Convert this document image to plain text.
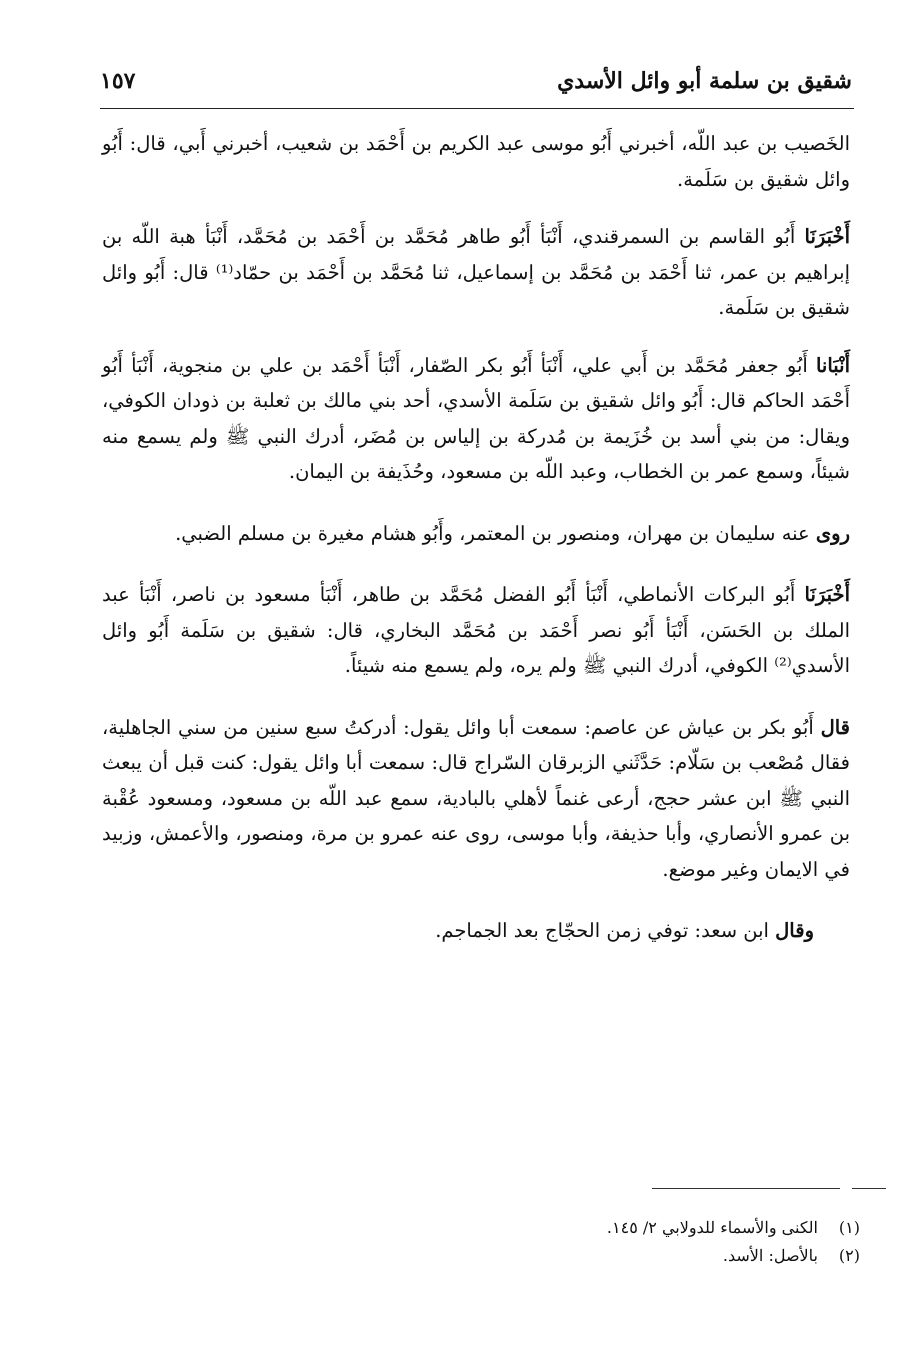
شقيق بن سلمة أبو وائل الأسدي
١٥٧

الخَصيب بن عبد اللّه، أخبرني أَبُو موسى عبد الكريم بن أَحْمَد بن شعيب، أخبرني أَبي، قال: أَبُو وائل شقيق بن سَلَمة.

أَخْبَرَنَا أَبُو القاسم بن السمرقندي، أَنْبَأ أَبُو طاهر مُحَمَّد بن أَحْمَد بن مُحَمَّد، أَنْبَأ هبة اللّه بن إبراهيم بن عمر، ثنا أَحْمَد بن مُحَمَّد بن إسماعيل، ثنا مُحَمَّد بن أَحْمَد بن حمّاد⁽¹⁾ قال: أَبُو وائل شقيق بن سَلَمة.

أَنْبَانا أَبُو جعفر مُحَمَّد بن أَبي علي، أَنْبَأ أَبُو بكر الصّفار، أَنْبَأ أَحْمَد بن علي بن منجوية، أَنْبَأ أَبُو أَحْمَد الحاكم قال: أَبُو وائل شقيق بن سَلَمة الأسدي، أحد بني مالك بن ثعلبة بن ذودان الكوفي، ويقال: من بني أسد بن خُزَيمة بن مُدركة بن إلياس بن مُضَر، أدرك النبي ﷺ ولم يسمع منه شيئاً، وسمع عمر بن الخطاب، وعبد اللّه بن مسعود، وحُذَيفة بن اليمان.

روى عنه سليمان بن مهران، ومنصور بن المعتمر، وأَبُو هشام مغيرة بن مسلم الضبي.

أَخْبَرَنَا أَبُو البركات الأنماطي، أَنْبَأ أَبُو الفضل مُحَمَّد بن طاهر، أَنْبَأ مسعود بن ناصر، أَنْبَأ عبد الملك بن الحَسَن، أَنْبَأ أَبُو نصر أَحْمَد بن مُحَمَّد البخاري، قال: شقيق بن سَلَمة أَبُو وائل الأسدي⁽²⁾ الكوفي، أدرك النبي ﷺ ولم يره، ولم يسمع منه شيئاً.

قال أَبُو بكر بن عياش عن عاصم: سمعت أبا وائل يقول: أدركتُ سبع سنين من سني الجاهلية، فقال مُصْعب بن سَلّام: حَدَّثَني الزبرقان السّراج قال: سمعت أبا وائل يقول: كنت قبل أن يبعث النبي ﷺ ابن عشر حجج، أرعى غنماً لأهلي بالبادية، سمع عبد اللّه بن مسعود، ومسعود عُقْبة بن عمرو الأنصاري، وأبا حذيفة، وأبا موسى، روى عنه عمرو بن مرة، ومنصور، والأعمش، وزبيد في الايمان وغير موضع.

وقال ابن سعد: توفي زمن الحجّاج بعد الجماجم.

(١)الكنى والأسماء للدولابي ٢/ ١٤٥.
(٢)بالأصل: الأسد.
